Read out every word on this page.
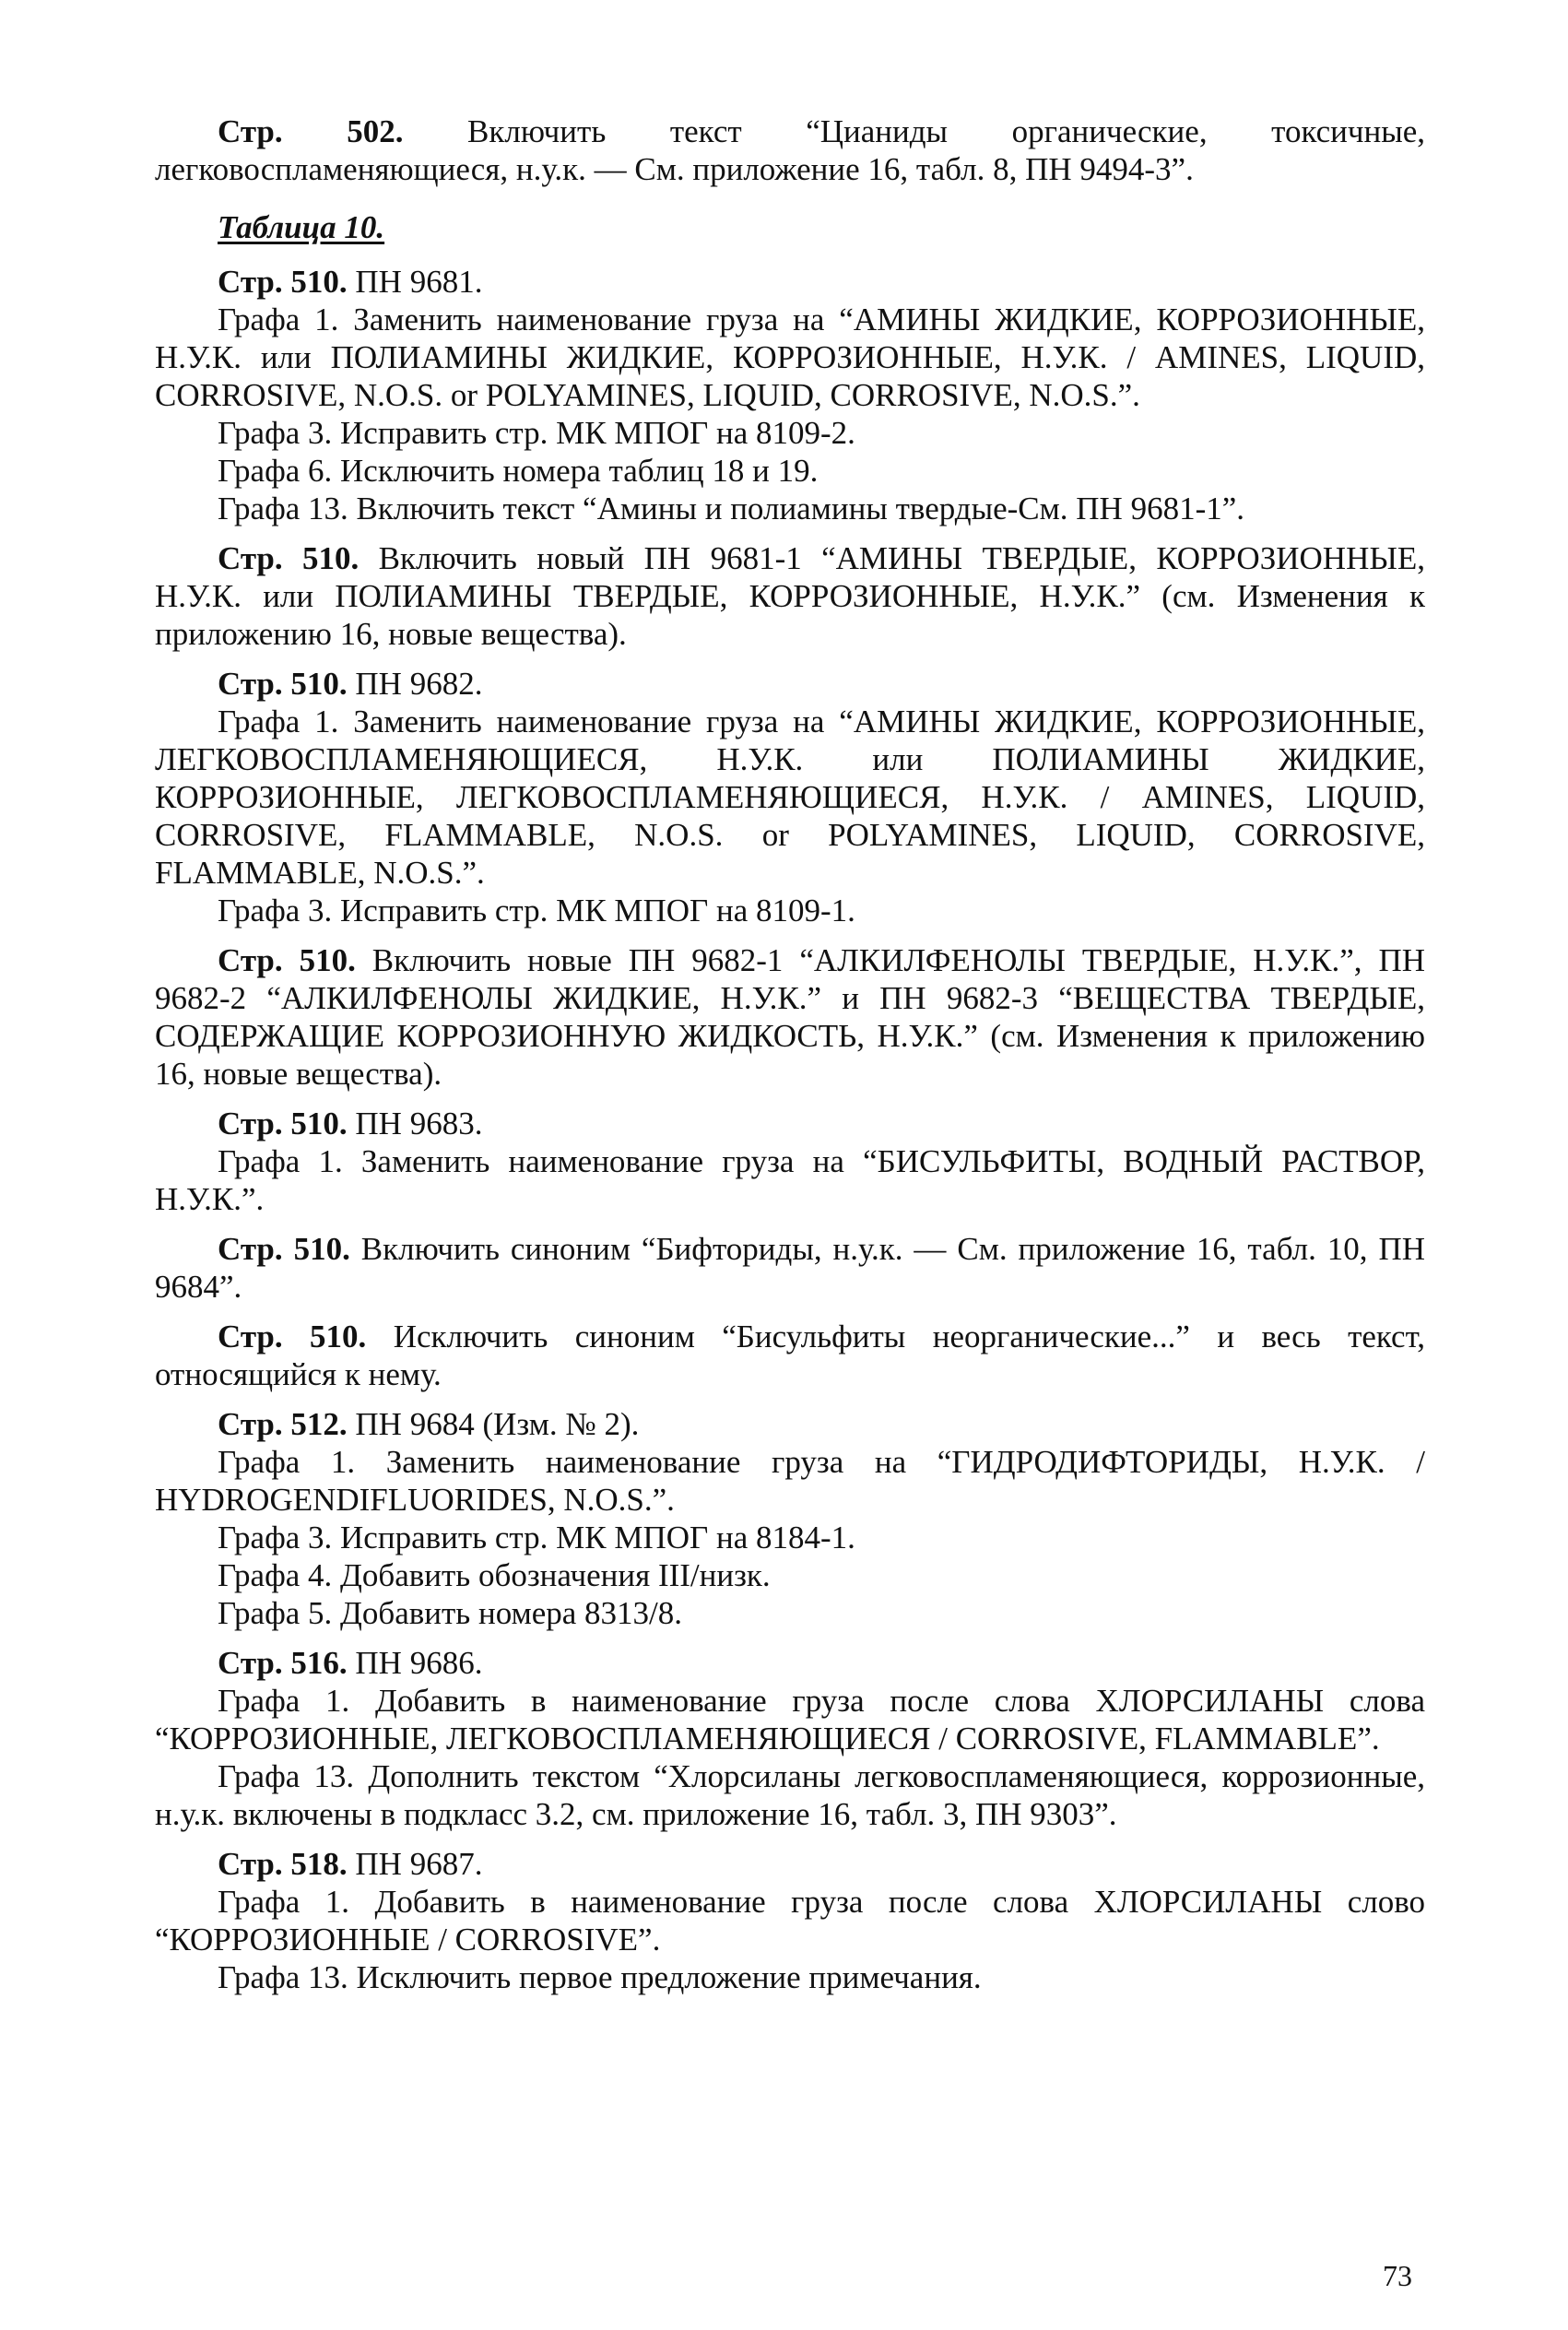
Стр. 502. Включить текст “Цианиды органические, токсичные, легковоспламеняющиеся, н.у.к. — См. приложение 16, табл. 8, ПН 9494-3”.

Таблица 10.

Стр. 510. ПН 9681.

Графа 1. Заменить наименование груза на “АМИНЫ ЖИДКИЕ, КОРРОЗИОННЫЕ, Н.У.К. или ПОЛИАМИНЫ ЖИДКИЕ, КОРРОЗИОННЫЕ, Н.У.К. / AMINES, LIQUID, CORROSIVE, N.O.S. or POLYAMINES, LIQUID, CORROSIVE, N.O.S.”.

Графа 3. Исправить стр. МК МПОГ на 8109-2.

Графа 6. Исключить номера таблиц 18 и 19.

Графа 13. Включить текст “Амины и полиамины твердые-См. ПН 9681-1”.

Стр. 510. Включить новый ПН 9681-1 “АМИНЫ ТВЕРДЫЕ, КОРРОЗИОННЫЕ, Н.У.К. или ПОЛИАМИНЫ ТВЕРДЫЕ, КОРРОЗИОННЫЕ, Н.У.К.” (см. Изменения к приложению 16, новые вещества).

Стр. 510. ПН 9682.

Графа 1. Заменить наименование груза на “АМИНЫ ЖИДКИЕ, КОРРОЗИОННЫЕ, ЛЕГКОВОСПЛАМЕНЯЮЩИЕСЯ, Н.У.К. или ПОЛИАМИНЫ ЖИДКИЕ, КОРРОЗИОННЫЕ, ЛЕГКОВОСПЛАМЕНЯЮЩИЕСЯ, Н.У.К. / AMINES, LIQUID, CORROSIVE, FLAMMABLE, N.O.S. or POLYAMINES, LIQUID, CORROSIVE, FLAMMABLE, N.O.S.”.

Графа 3. Исправить стр. МК МПОГ на 8109-1.

Стр. 510. Включить новые ПН 9682-1 “АЛКИЛФЕНОЛЫ ТВЕРДЫЕ, Н.У.К.”, ПН 9682-2 “АЛКИЛФЕНОЛЫ ЖИДКИЕ, Н.У.К.” и ПН 9682-3 “ВЕЩЕСТВА ТВЕРДЫЕ, СОДЕРЖАЩИЕ КОРРОЗИОННУЮ ЖИДКОСТЬ, Н.У.К.” (см. Изменения к приложению 16, новые вещества).

Стр. 510. ПН 9683.

Графа 1. Заменить наименование груза на “БИСУЛЬФИТЫ, ВОДНЫЙ РАСТВОР, Н.У.К.”.

Стр. 510. Включить синоним “Бифториды, н.у.к. — См. приложение 16, табл. 10, ПН 9684”.

Стр. 510. Исключить синоним “Бисульфиты неорганические...” и весь текст, относящийся к нему.

Стр. 512. ПН 9684 (Изм. № 2).

Графа 1. Заменить наименование груза на “ГИДРОДИФТОРИДЫ, Н.У.К. / HYDROGENDIFLUORIDES, N.O.S.”.

Графа 3. Исправить стр. МК МПОГ на 8184-1.

Графа 4. Добавить обозначения III/низк.

Графа 5. Добавить номера 8313/8.

Стр. 516. ПН 9686.

Графа 1. Добавить в наименование груза после слова ХЛОРСИЛАНЫ слова “КОРРОЗИОННЫЕ, ЛЕГКОВОСПЛАМЕНЯЮЩИЕСЯ / CORROSIVE, FLAMMABLE”.

Графа 13. Дополнить текстом “Хлорсиланы легковоспламеняющиеся, коррозионные, н.у.к. включены в подкласс 3.2, см. приложение 16, табл. 3, ПН 9303”.

Стр. 518. ПН 9687.

Графа 1. Добавить в наименование груза после слова ХЛОРСИЛАНЫ слово “КОРРОЗИОННЫЕ / CORROSIVE”.

Графа 13. Исключить первое предложение примечания.

73
